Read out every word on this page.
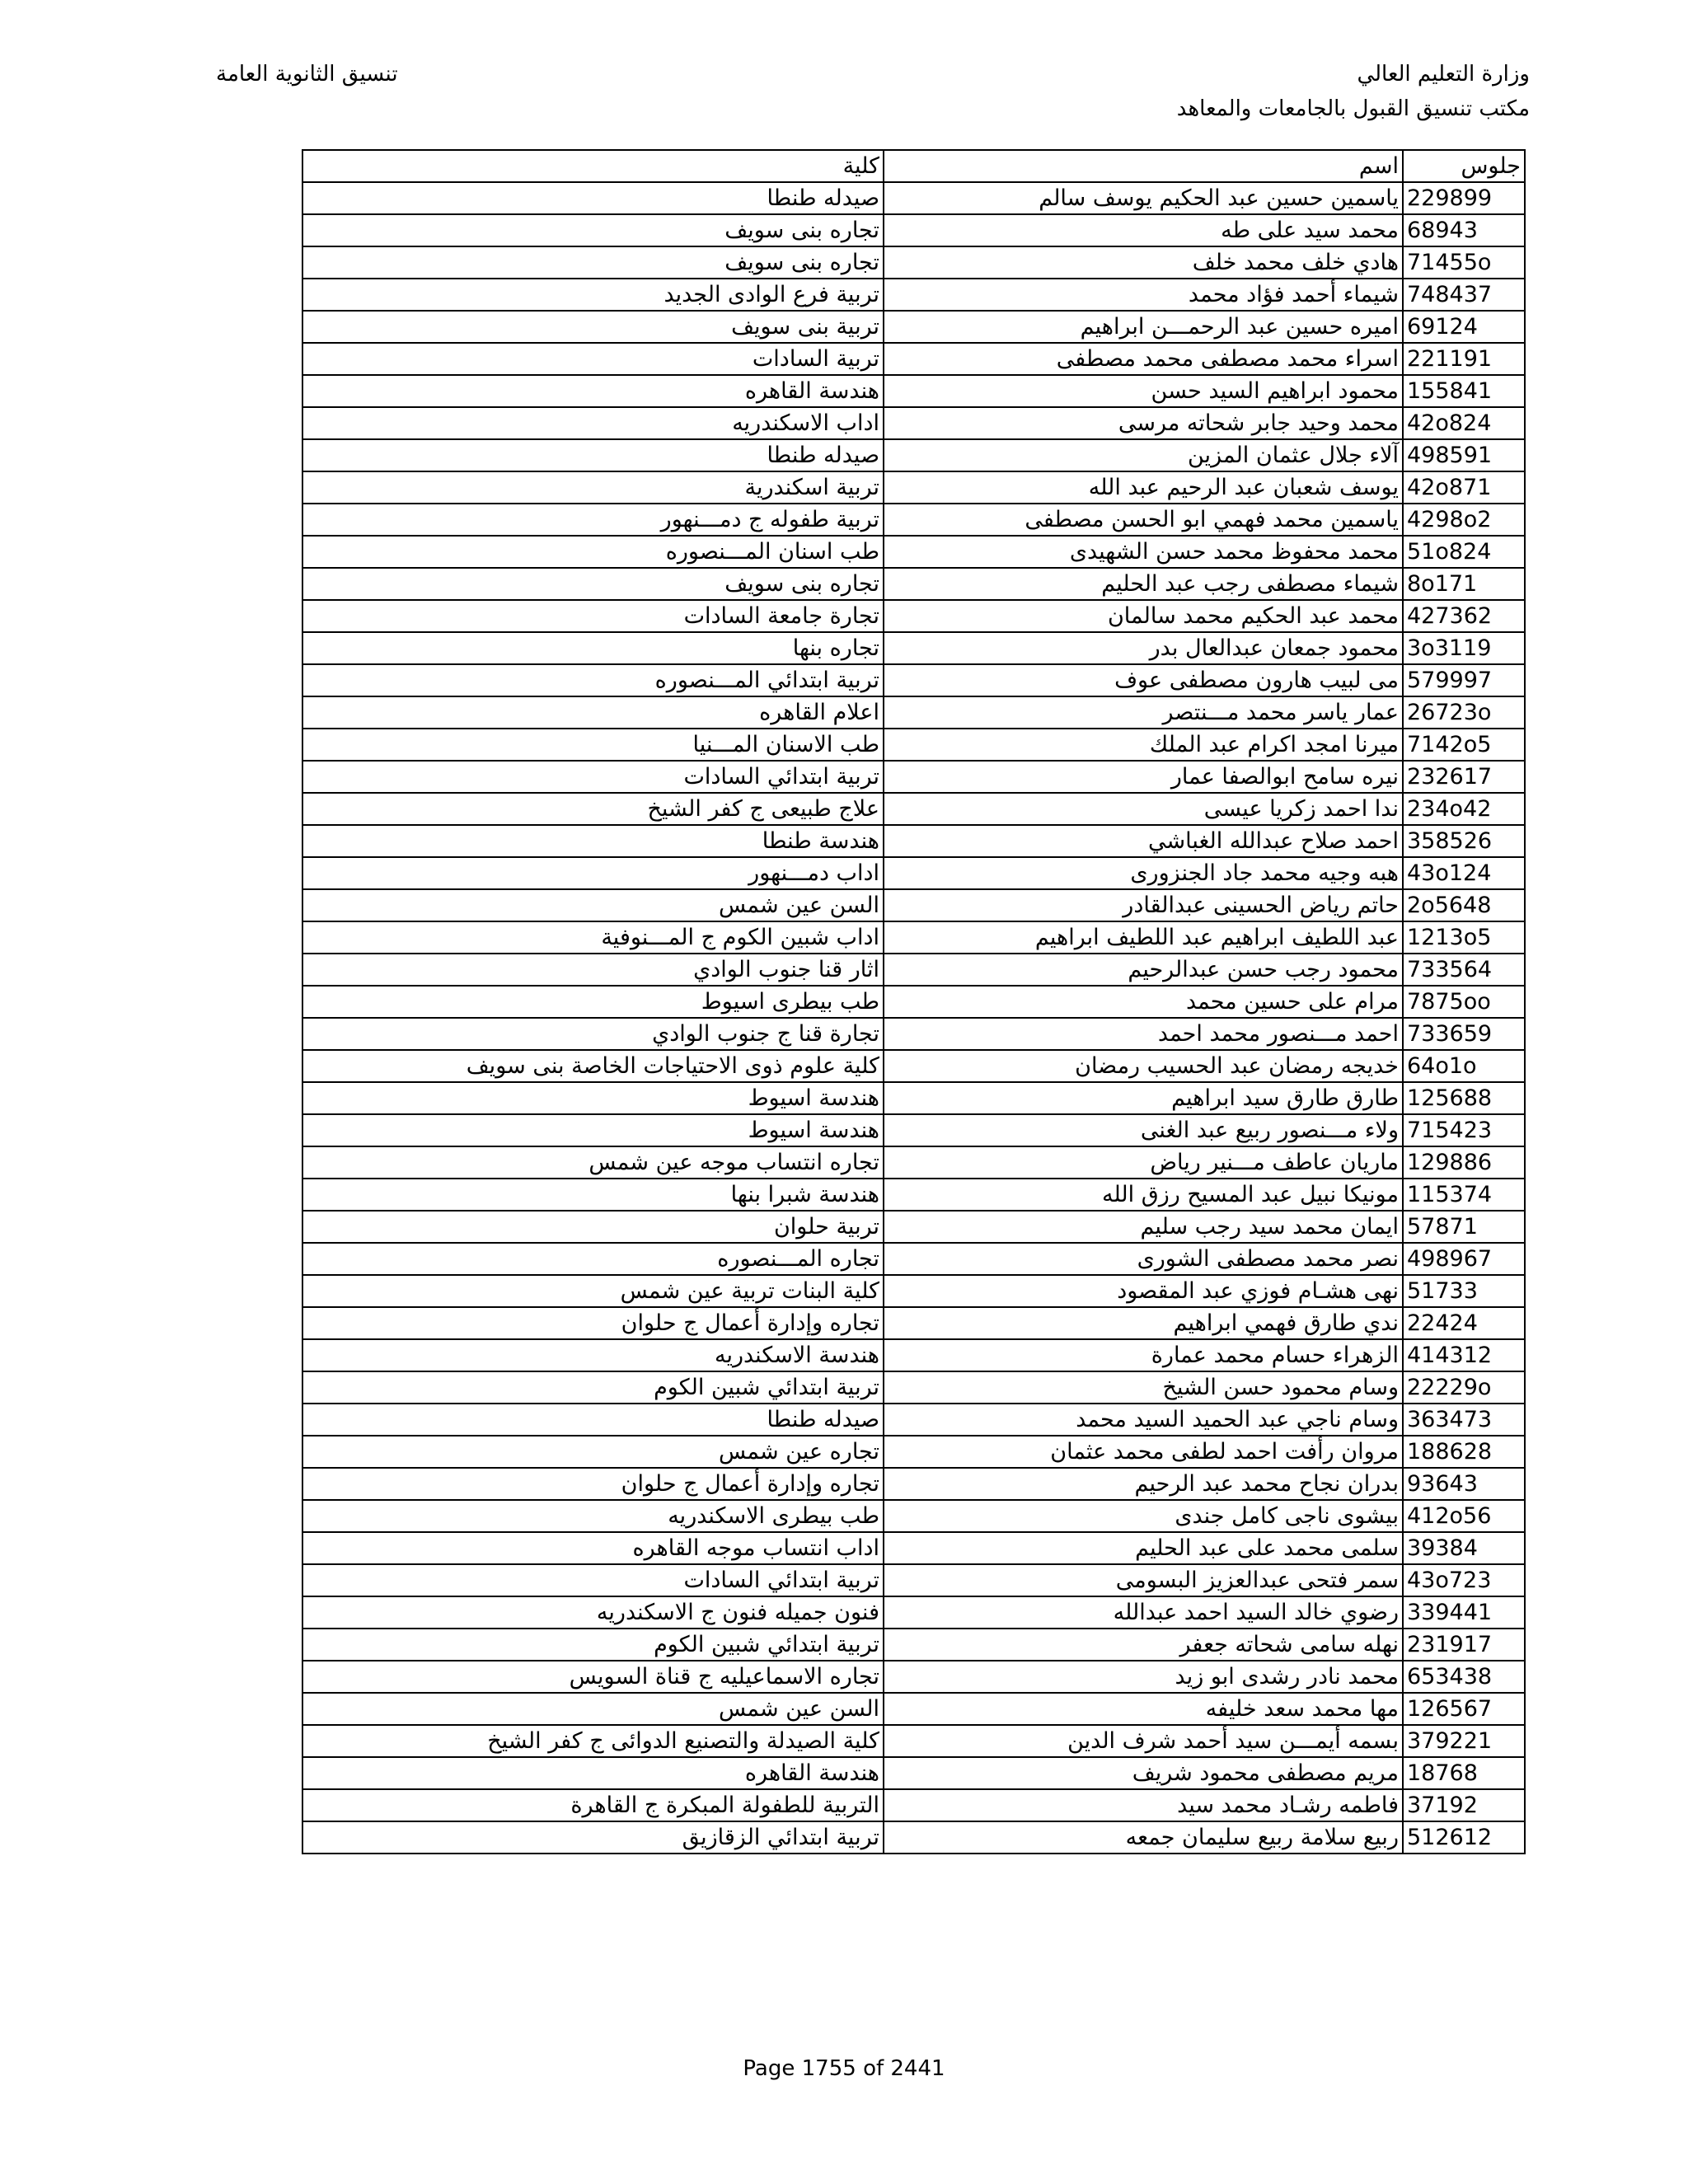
وزارة التعليم العالي
مكتب تنسيق القبول بالجامعات والمعاهد
تنسيق الثانوية العامة
كلية	اسم	جلوس
صيدله طنطا	ياسمين حسين عبد الحكيم يوسف سالم	229899
تجاره بنى سويف	محمد سيد على طه	68943
تجاره بنى سويف	هادي خلف محمد خلف	71455o
تربية فرع الوادى الجديد	شيماء أحمد فؤاد محمد	748437
تربية بنى سويف	اميره حسين عبد الرحمـــن ابراهيم	69124
تربية السادات	اسراء محمد مصطفى محمد مصطفى	221191
هندسة القاهره	محمود ابراهيم السيد حسن	155841
اداب الاسكندريه	محمد وحيد جابر شحاته مرسى	42o824
صيدله طنطا	آلاء جلال عثمان المزين	498591
تربية اسكندرية	يوسف شعبان عبد الرحيم عبد الله	42o871
تربية طفوله ج دمـــنهور	ياسمين محمد فهمي ابو الحسن مصطفى	4298o2
طب اسنان المـــنصوره	محمد محفوظ محمد حسن الشهيدى	51o824
تجاره بنى سويف	شيماء مصطفى رجب عبد الحليم	8o171
تجارة جامعة السادات	محمد عبد الحكيم محمد سالمان	427362
تجاره بنها	محمود جمعان عبدالعال بدر	3o3119
تربية ابتدائي المـــنصوره	مى لبيب هارون مصطفى عوف	579997
اعلام القاهره	عمار ياسر محمد مـــنتصر	26723o
طب الاسنان المـــنيا	ميرنا امجد اكرام عبد الملك	7142o5
تربية ابتدائي السادات	نيره سامح ابوالصفا عمار	232617
علاج طبيعى ج كفر الشيخ	ندا احمد زكريا عيسى	234o42
هندسة طنطا	احمد صلاح عبدالله الغباشي	358526
اداب دمـــنهور	هبه وجيه محمد جاد الجنزورى	43o124
السن عين شمس	حاتم رياض الحسينى عبدالقادر	2o5648
اداب شبين الكوم ج المـــنوفية	عبد اللطيف ابراهيم عبد اللطيف ابراهيم	1213o5
اثار قنا جنوب الوادي	محمود رجب حسن عبدالرحيم	733564
طب بيطرى اسيوط	مرام على حسين محمد	7875oo
تجارة قنا ج جنوب الوادي	احمد مـــنصور محمد احمد	733659
كلية علوم ذوى الاحتياجات الخاصة بنى سويف	خديجه رمضان عبد الحسيب رمضان	64o1o
هندسة اسيوط	طارق طارق سيد ابراهيم	125688
هندسة اسيوط	ولاء مـــنصور ربيع عبد الغنى	715423
تجاره انتساب موجه عين شمس	ماريان عاطف مـــنير رياض	129886
هندسة شبرا بنها	مونيكا نبيل عبد المسيح رزق الله	115374
تربية حلوان	ايمان محمد سيد رجب سليم	57871
تجاره المـــنصوره	نصر محمد مصطفى الشورى	498967
كلية البنات تربية عين شمس	نهى هشـام فوزي عبد المقصود	51733
تجاره وإدارة أعمال ج حلوان	ندي طارق فهمي ابراهيم	22424
هندسة الاسكندريه	الزهراء حسام محمد عمارة	414312
تربية ابتدائي شبين الكوم	وسام محمود حسن الشيخ	22229o
صيدله طنطا	وسام ناجي عبد الحميد السيد محمد	363473
تجاره عين شمس	مروان رأفت احمد لطفى محمد عثمان	188628
تجاره وإدارة أعمال ج حلوان	بدران نجاح محمد عبد الرحيم	93643
طب بيطرى الاسكندريه	بيشوى ناجى كامل جندى	412o56
اداب انتساب موجه القاهره	سلمى محمد على عبد الحليم	39384
تربية ابتدائي السادات	سمر فتحى عبدالعزيز البسومى	43o723
فنون جميله فنون ج الاسكندريه	رضوي خالد السيد احمد عبدالله	339441
تربية ابتدائي شبين الكوم	نهله سامى شحاته جعفر	231917
تجاره الاسماعيليه ج قناة السويس	محمد نادر رشدى ابو زيد	653438
السن عين شمس	مها محمد سعد خليفه	126567
كلية الصيدلة والتصنيع الدوائى ج كفر الشيخ	بسمه أيمـــن سيد أحمد شرف الدين	379221
هندسة القاهره	مريم مصطفى محمود شريف	18768
التربية للطفولة المبكرة ج القاهرة	فاطمه رشـاد محمد سيد	37192
تربية ابتدائي الزقازيق	ربيع سلامة ربيع سليمان جمعه	512612
Page 1755 of 2441
